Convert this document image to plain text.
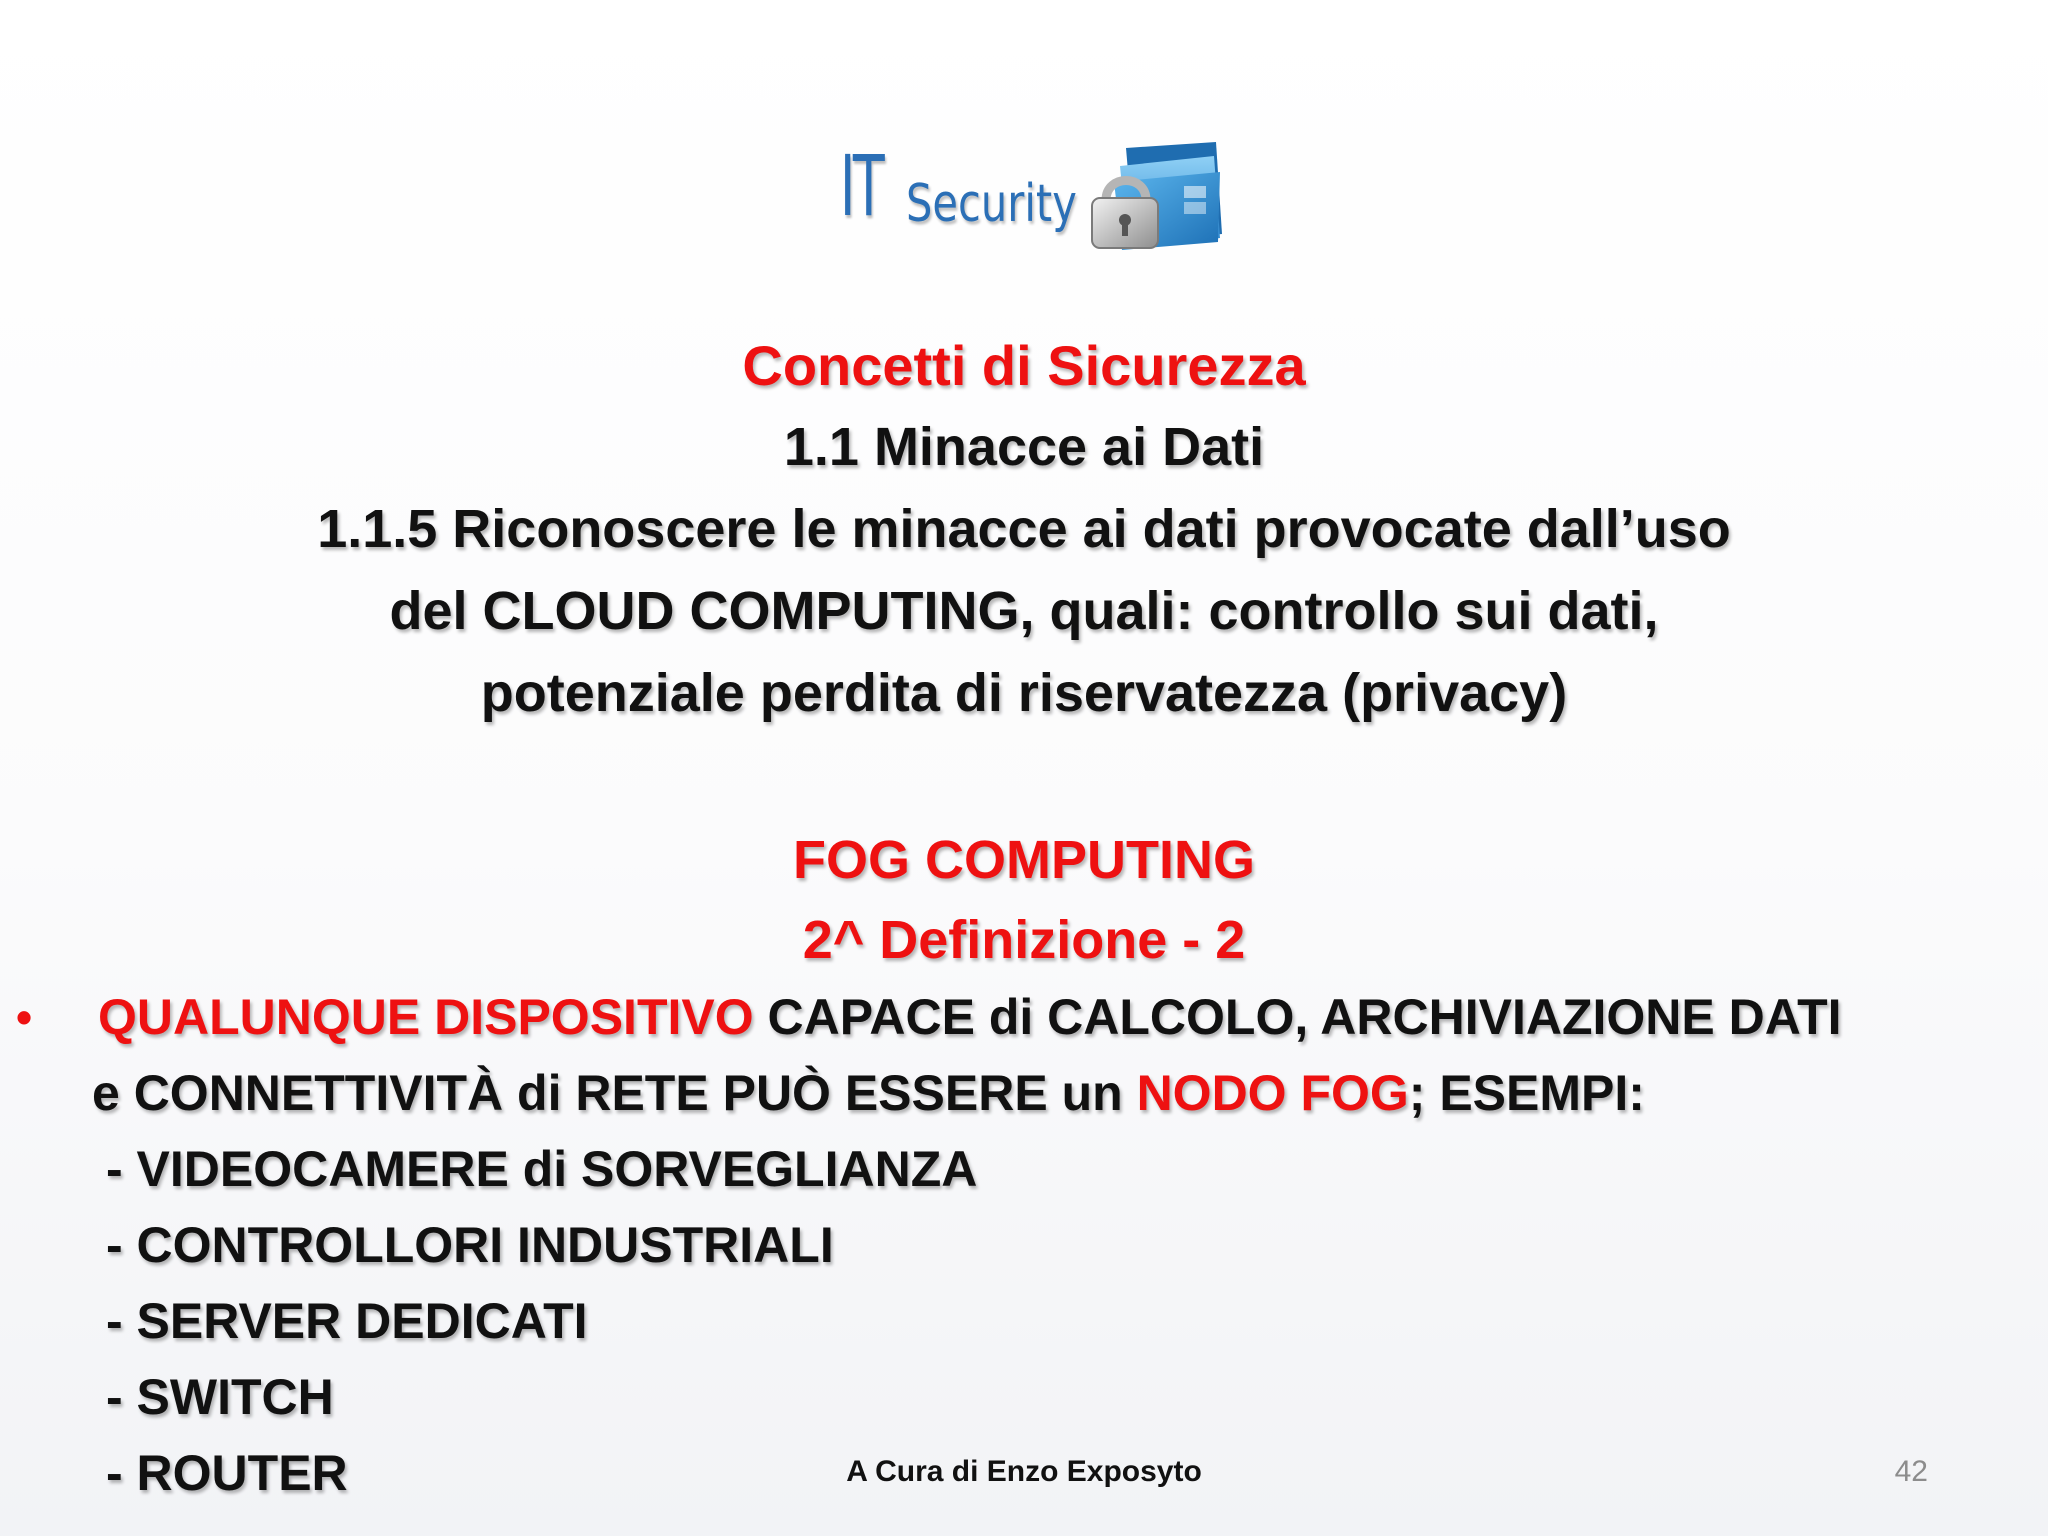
IT Security
Concetti di Sicurezza
1.1 Minacce ai Dati
1.1.5 Riconoscere le minacce ai dati provocate dall’uso
del CLOUD COMPUTING, quali: controllo sui dati,
potenziale perdita di riservatezza (privacy)
FOG COMPUTING
2^ Definizione - 2
• QUALUNQUE DISPOSITIVO CAPACE di CALCOLO, ARCHIVIAZIONE DATI
e CONNETTIVITÀ di RETE PUÒ ESSERE un NODO FOG; ESEMPI:
- VIDEOCAMERE di SORVEGLIANZA
- CONTROLLORI INDUSTRIALI
- SERVER DEDICATI
- SWITCH
- ROUTER	A Cura di Enzo Exposyto	42
